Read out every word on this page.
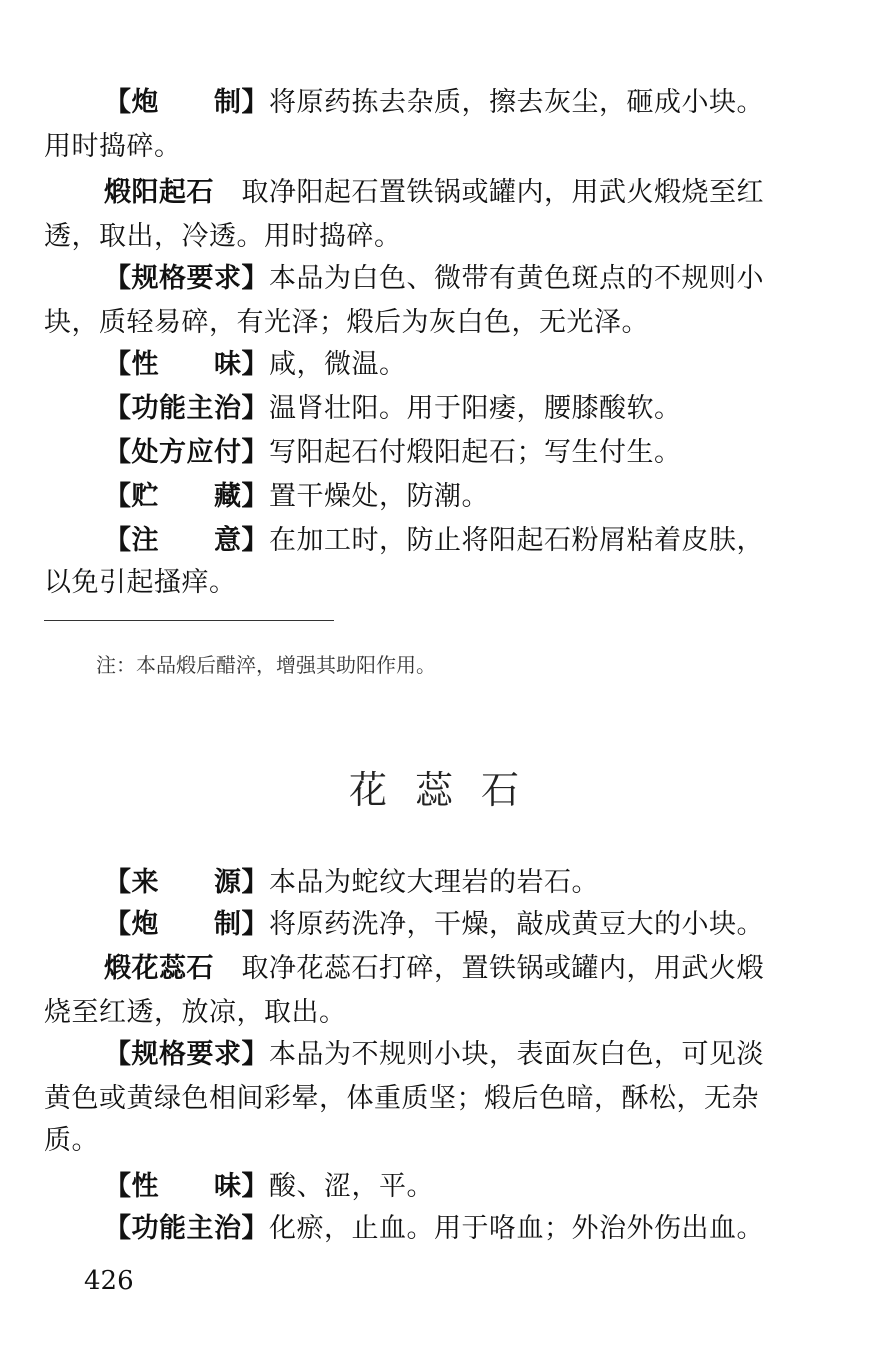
【炮　　制】将原药拣去杂质，擦去灰尘，砸成小块。
用时捣碎。
煅阳起石　 取净阳起石置铁锅或罐内，用武火煅烧至红
透，取出，冷透。用时捣碎。
【规格要求】本品为白色、微带有黄色斑点的不规则小
块，质轻易碎，有光泽；煅后为灰白色，无光泽。
【性　　味】咸，微温。
【功能主治】温肾壮阳。用于阳痿，腰膝酸软。
【处方应付】写阳起石付煅阳起石；写生付生。
【贮　　藏】置干燥处，防潮。
【注　　意】在加工时，防止将阳起石粉屑粘着皮肤，
以免引起搔痒。
注：本品煅后醋淬，增强其助阳作用。
花蕊石
【来　　源】本品为蛇纹大理岩的岩石。
【炮　　制】将原药洗净，干燥，敲成黄豆大的小块。
煅花蕊石　 取净花蕊石打碎，置铁锅或罐内，用武火煅
烧至红透，放凉，取出。
【规格要求】本品为不规则小块，表面灰白色，可见淡
黄色或黄绿色相间彩晕，体重质坚；煅后色暗，酥松，无杂
质。
【性　　味】酸、涩，平。
【功能主治】化瘀，止血。用于咯血；外治外伤出血。
426
